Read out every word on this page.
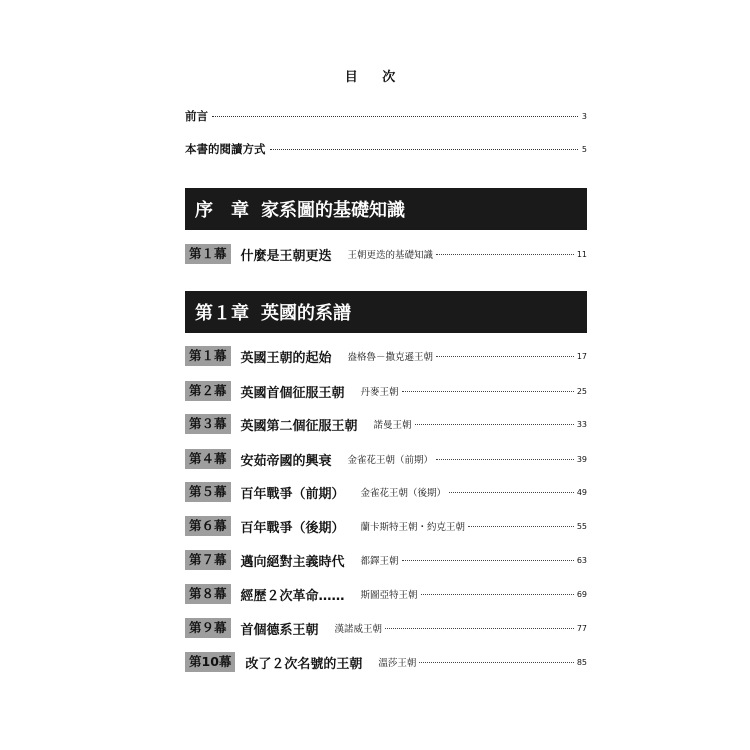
目 次
前言	3
本書的閱讀方式	5
序　章 家系圖的基礎知識
第１幕	什麼是王朝更迭 王朝更迭的基礎知識	11
第１章 英國的系譜
第１幕	英國王朝的起始 盎格魯－撒克遜王朝	17
第２幕	英國首個征服王朝 丹麥王朝	25
第３幕	英國第二個征服王朝 諾曼王朝	33
第４幕	安茹帝國的興衰 金雀花王朝（前期）	39
第５幕	百年戰爭（前期） 金雀花王朝（後期）	49
第６幕	百年戰爭（後期） 蘭卡斯特王朝・約克王朝	55
第７幕	邁向絕對主義時代 都鐸王朝	63
第８幕	經歷２次革命…… 斯圖亞特王朝	69
第９幕	首個德系王朝 漢諾威王朝	77
第10幕	改了２次名號的王朝 溫莎王朝	85
